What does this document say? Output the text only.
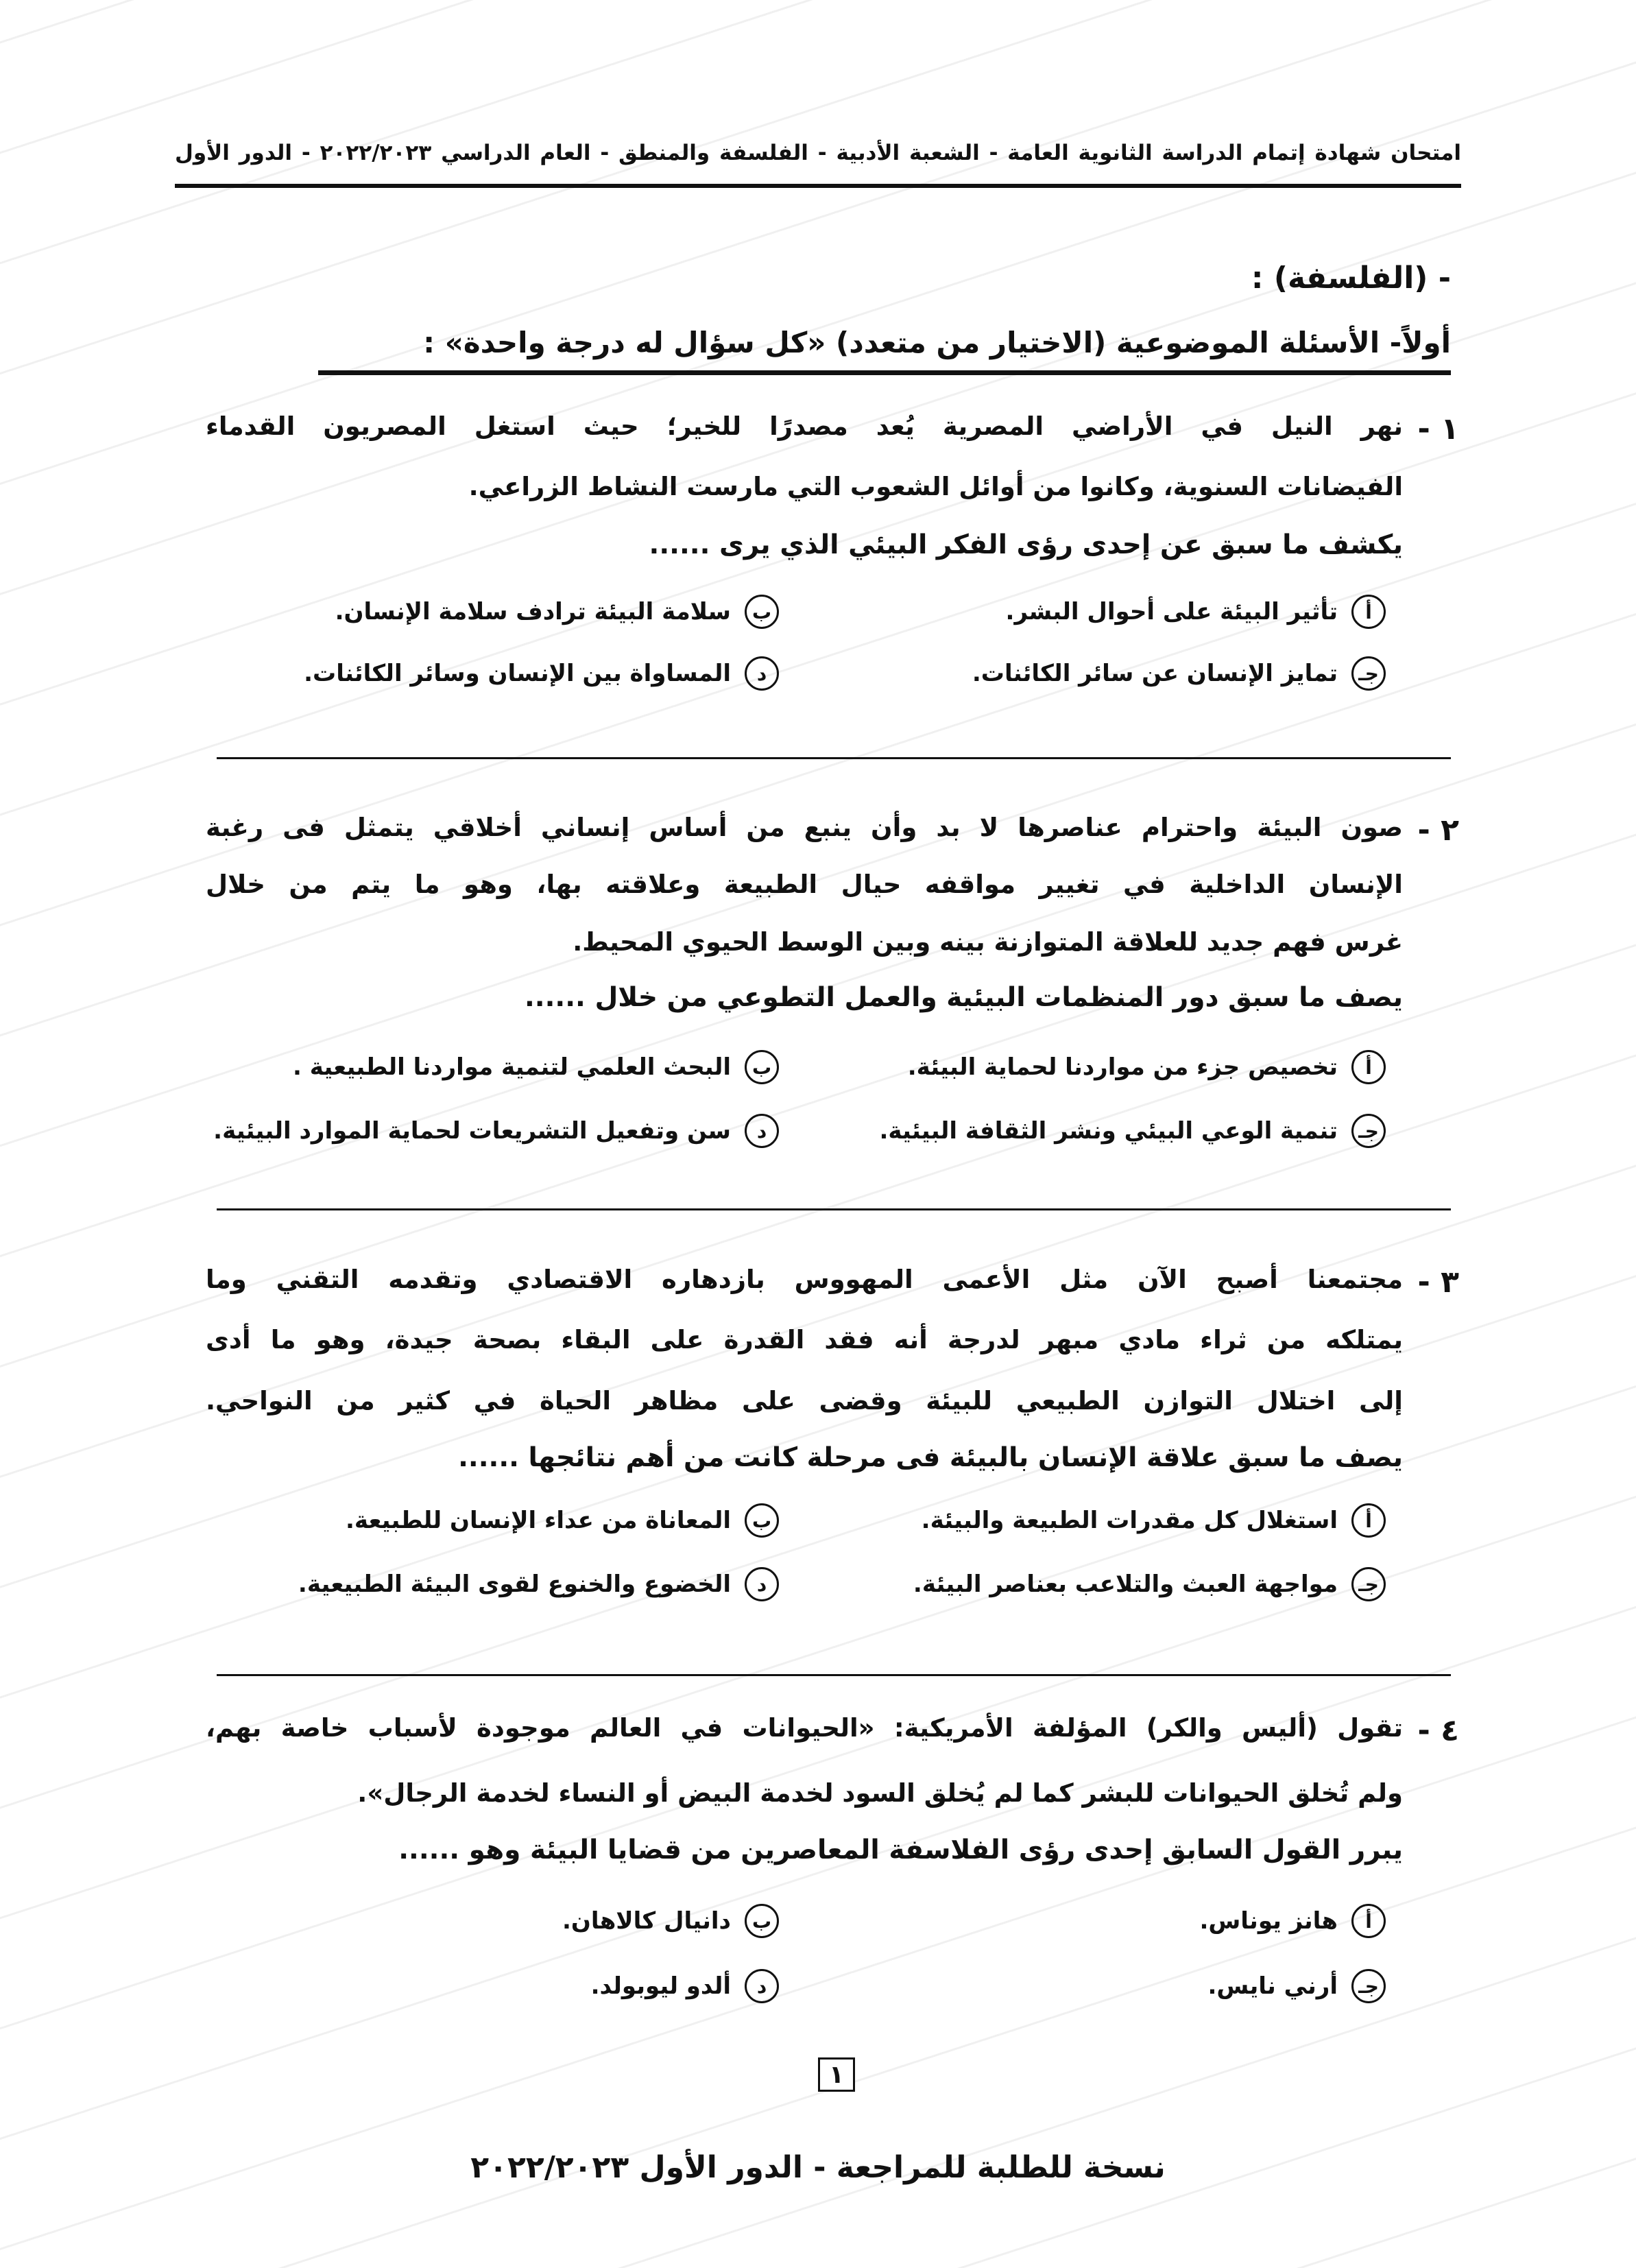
امتحان شهادة إتمام الدراسة الثانوية العامة - الشعبة الأدبية - الفلسفة والمنطق - العام الدراسي ٢٠٢٢/٢٠٢٣ - الدور الأول
- (الفلسفة) :
أولاً- الأسئلة الموضوعية (الاختيار من متعدد) «كل سؤال له درجة واحدة» :
١ -
نهر النيل في الأراضي المصرية يُعد مصدرًا للخير؛ حيث استغل المصريون القدماء
الفيضانات السنوية، وكانوا من أوائل الشعوب التي مارست النشاط الزراعي.
يكشف ما سبق عن إحدى رؤى الفكر البيئي الذي يرى ......
أ
تأثير البيئة على أحوال البشر.
ب
سلامة البيئة ترادف سلامة الإنسان.
جـ
تمايز الإنسان عن سائر الكائنات.
د
المساواة بين الإنسان وسائر الكائنات.
٢ -
صون البيئة واحترام عناصرها لا بد وأن ينبع من أساس إنساني أخلاقي يتمثل فى رغبة
الإنسان الداخلية في تغيير مواقفه حيال الطبيعة وعلاقته بها، وهو ما يتم من خلال
غرس فهم جديد للعلاقة المتوازنة بينه وبين الوسط الحيوي المحيط.
يصف ما سبق دور المنظمات البيئية والعمل التطوعي من خلال ......
أ
تخصيص جزء من مواردنا لحماية البيئة.
ب
البحث العلمي لتنمية مواردنا الطبيعية .
جـ
تنمية الوعي البيئي ونشر الثقافة البيئية.
د
سن وتفعيل التشريعات لحماية الموارد البيئية.
٣ -
مجتمعنا أصبح الآن مثل الأعمى المهووس بازدهاره الاقتصادي وتقدمه التقني وما
يمتلكه من ثراء مادي مبهر لدرجة أنه فقد القدرة على البقاء بصحة جيدة، وهو ما أدى
إلى اختلال التوازن الطبيعي للبيئة وقضى على مظاهر الحياة في كثير من النواحي.
يصف ما سبق علاقة الإنسان بالبيئة فى مرحلة كانت من أهم نتائجها ......
أ
استغلال كل مقدرات الطبيعة والبيئة.
ب
المعاناة من عداء الإنسان للطبيعة.
جـ
مواجهة العبث والتلاعب بعناصر البيئة.
د
الخضوع والخنوع لقوى البيئة الطبيعية.
٤ -
تقول (أليس والكر) المؤلفة الأمريكية: «الحيوانات في العالم موجودة لأسباب خاصة بهم،
ولم تُخلق الحيوانات للبشر كما لم يُخلق السود لخدمة البيض أو النساء لخدمة الرجال».
يبرر القول السابق إحدى رؤى الفلاسفة المعاصرين من قضايا البيئة وهو ......
أ
هانز يوناس.
ب
دانيال كالاهان.
جـ
أرني نايس.
د
ألدو ليوبولد.
١
نسخة للطلبة للمراجعة - الدور الأول ٢٠٢٢/٢٠٢٣
